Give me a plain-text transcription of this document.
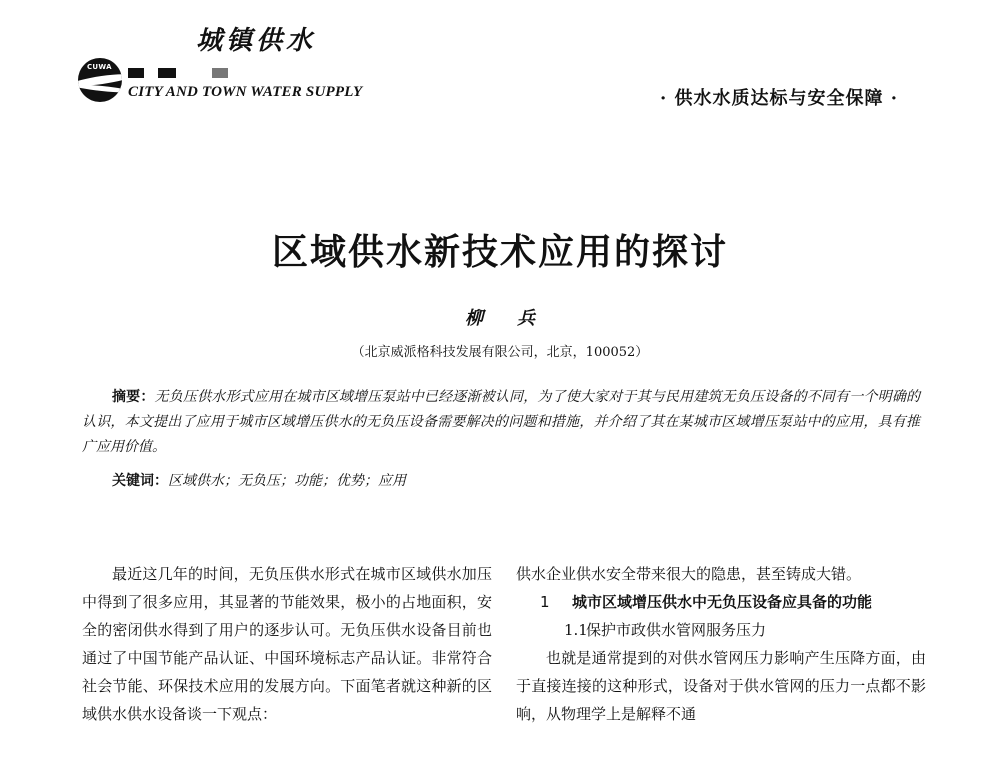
CUWA
城镇供水
CITY AND TOWN WATER SUPPLY	· 供水水质达标与安全保障 ·
区域供水新技术应用的探讨
柳 兵
（北京威派格科技发展有限公司，北京，100052）
摘要：无负压供水形式应用在城市区域增压泵站中已经逐渐被认同，为了使大家对于其与民用建筑无负压设备的不同有一个明确的认识，本文提出了应用于城市区域增压供水的无负压设备需要解决的问题和措施，并介绍了其在某城市区域增压泵站中的应用，具有推广应用价值。
关键词：区域供水；无负压；功能；优势；应用

最近这几年的时间，无负压供水形式在城市区域供水加压中得到了很多应用，其显著的节能效果，极小的占地面积，安全的密闭供水得到了用户的逐步认可。无负压供水设备目前也通过了中国节能产品认证、中国环境标志产品认证。非常符合社会节能、环保技术应用的发展方向。下面笔者就这种新的区域供水供水设备谈一下观点：

供水企业供水安全带来很大的隐患，甚至铸成大错。

1 城市区域增压供水中无负压设备应具备的功能

1.1保护市政供水管网服务压力

也就是通常提到的对供水管网压力影响产生压降方面，由于直接连接的这种形式，设备对于供水管网的压力一点都不影响，从物理学上是解释不通
